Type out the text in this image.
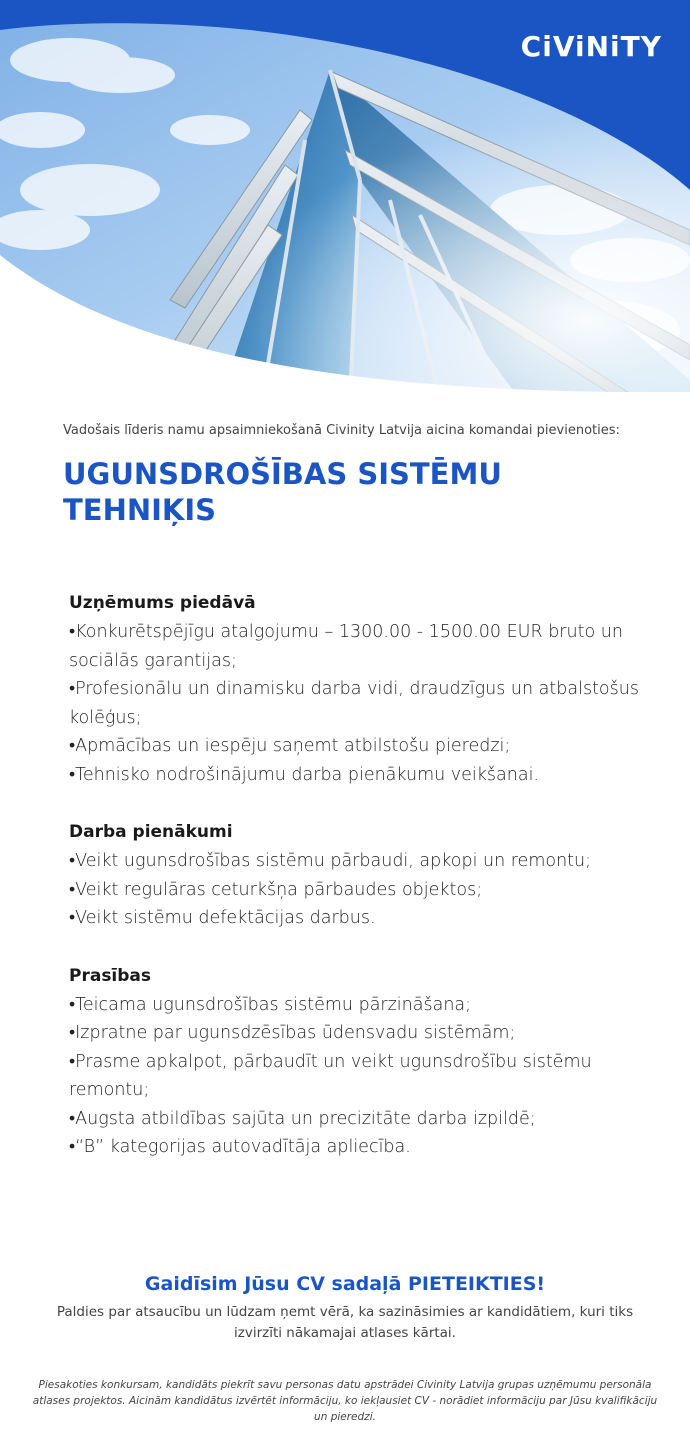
CiViNiTY
Vadošais līderis namu apsaimniekošanā Civinity Latvija aicina komandai pievienoties:
UGUNSDROŠĪBAS SISTĒMU TEHNIĶIS
Uzņēmums piedāvā
•Konkurētspējīgu atalgojumu – 1300.00 - 1500.00 EUR bruto un sociālās garantijas;
•Profesionālu un dinamisku darba vidi, draudzīgus un atbalstošus kolēģus;
•Apmācības un iespēju saņemt atbilstošu pieredzi;
•Tehnisko nodrošinājumu darba pienākumu veikšanai.
Darba pienākumi
•Veikt ugunsdrošības sistēmu pārbaudi, apkopi un remontu;
•Veikt regulāras ceturkšņa pārbaudes objektos;
•Veikt sistēmu defektācijas darbus.
Prasības
•Teicama ugunsdrošības sistēmu pārzināšana;
•Izpratne par ugunsdzēsības ūdensvadu sistēmām;
•Prasme apkalpot, pārbaudīt un veikt ugunsdrošību sistēmu remontu;
•Augsta atbildības sajūta un precizitāte darba izpildē;
•“B” kategorijas autovadītāja apliecība.
Gaidīsim Jūsu CV sadaļā PIETEIKTIES!
Paldies par atsaucību un lūdzam ņemt vērā, ka sazināsimies ar kandidātiem, kuri tiks izvirzīti nākamajai atlases kārtai.
Piesakoties konkursam, kandidāts piekrīt savu personas datu apstrādei Civinity Latvija grupas uzņēmumu personāla atlases projektos. Aicinām kandidātus izvērtēt informāciju, ko iekļausiet CV - norādiet informāciju par Jūsu kvalifikāciju un pieredzi.
